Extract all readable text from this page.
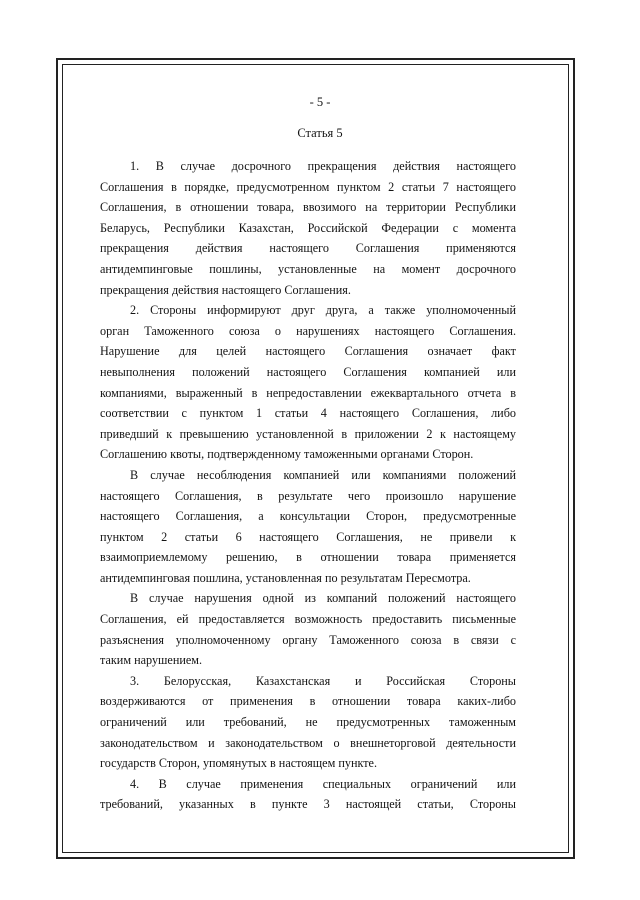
- 5 -
Статья 5
1. В случае досрочного прекращения действия настоящего
Соглашения в порядке, предусмотренном пунктом 2 статьи 7 настоящего
Соглашения, в отношении товара, ввозимого на территории Республики
Беларусь, Республики Казахстан, Российской Федерации с момента
прекращения действия настоящего Соглашения применяются
антидемпинговые пошлины, установленные на момент досрочного
прекращения действия настоящего Соглашения.
2. Стороны информируют друг друга, а также уполномоченный
орган Таможенного союза о нарушениях настоящего Соглашения.
Нарушение для целей настоящего Соглашения означает факт
невыполнения положений настоящего Соглашения компанией или
компаниями, выраженный в непредоставлении ежеквартального отчета в
соответствии с пунктом 1 статьи 4 настоящего Соглашения, либо
приведший к превышению установленной в приложении 2 к настоящему
Соглашению квоты, подтвержденному таможенными органами Сторон.
В случае несоблюдения компанией или компаниями положений
настоящего Соглашения, в результате чего произошло нарушение
настоящего Соглашения, а консультации Сторон, предусмотренные
пунктом 2 статьи 6 настоящего Соглашения, не привели к
взаимоприемлемому решению, в отношении товара применяется
антидемпинговая пошлина, установленная по результатам Пересмотра.
В случае нарушения одной из компаний положений настоящего
Соглашения, ей предоставляется возможность предоставить письменные
разъяснения уполномоченному органу Таможенного союза в связи с
таким нарушением.
3. Белорусская, Казахстанская и Российская Стороны
воздерживаются от применения в отношении товара каких-либо
ограничений или требований, не предусмотренных таможенным
законодательством и законодательством о внешнеторговой деятельности
государств Сторон, упомянутых в настоящем пункте.
4. В случае применения специальных ограничений или
требований, указанных в пункте 3 настоящей статьи, Стороны
